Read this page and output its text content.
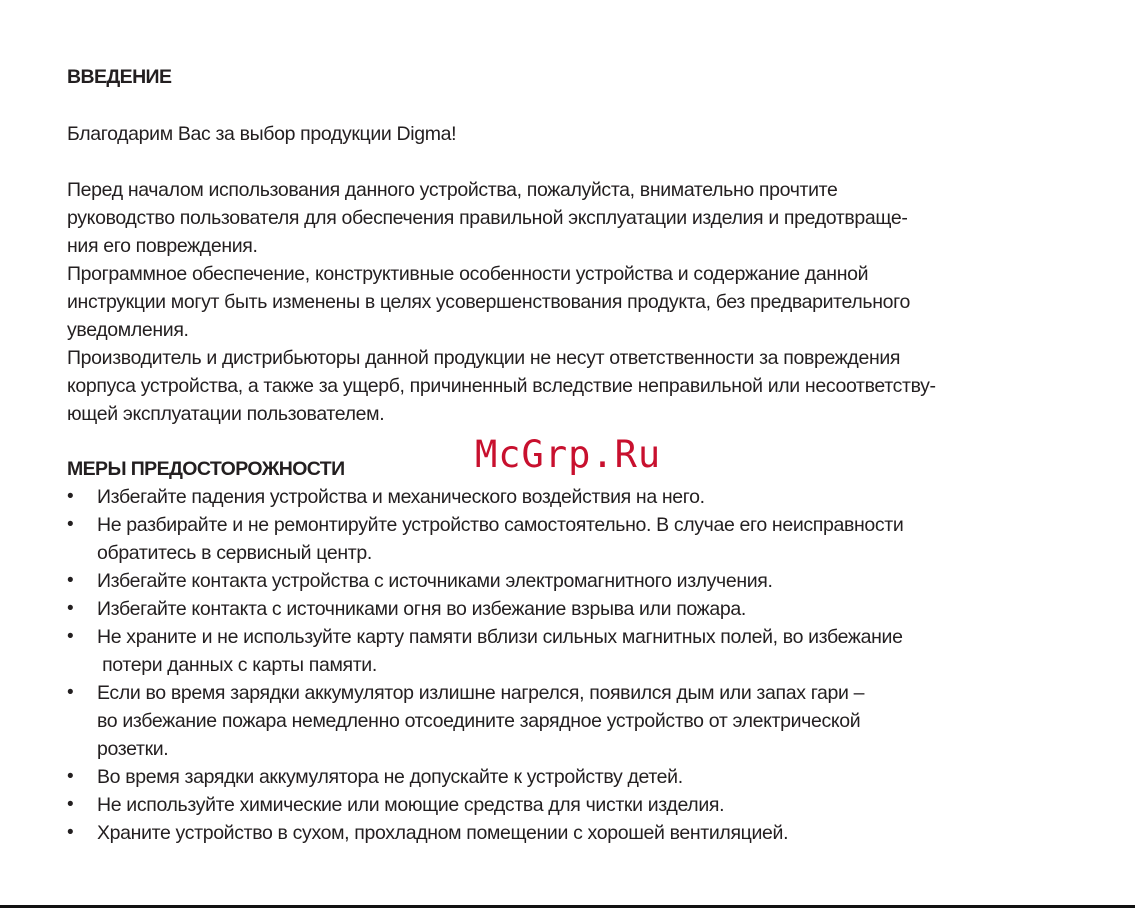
ВВЕДЕНИЕ
Благодарим Вас за выбор продукции Digma!
Перед началом использования данного устройства, пожалуйста, внимательно прочтите
руководство пользователя для обеспечения правильной эксплуатации изделия и предотвраще-
ния его повреждения.
Программное обеспечение, конструктивные особенности устройства и содержание данной
инструкции могут быть изменены в целях усовершенствования продукта, без предварительного
уведомления.
Производитель и дистрибьюторы данной продукции не несут ответственности за повреждения
корпуса устройства, а также за ущерб, причиненный вследствие неправильной или несоответству-
ющей эксплуатации пользователем.
McGrp.Ru
МЕРЫ ПРЕДОСТОРОЖНОСТИ
• Избегайте падения устройства и механического воздействия на него.
• Не разбирайте и не ремонтируйте устройство самостоятельно. В случае его неисправности
обратитесь в сервисный центр.
• Избегайте контакта устройства с источниками электромагнитного излучения.
• Избегайте контакта с источниками огня во избежание взрыва или пожара.
• Не храните и не используйте карту памяти вблизи сильных магнитных полей, во избежание
потери данных с карты памяти.
• Если во время зарядки аккумулятор излишне нагрелся, появился дым или запах гари –
во избежание пожара немедленно отсоедините зарядное устройство от электрической
розетки.
• Во время зарядки аккумулятора не допускайте к устройству детей.
• Не используйте химические или моющие средства для чистки изделия.
• Храните устройство в сухом, прохладном помещении с хорошей вентиляцией.
